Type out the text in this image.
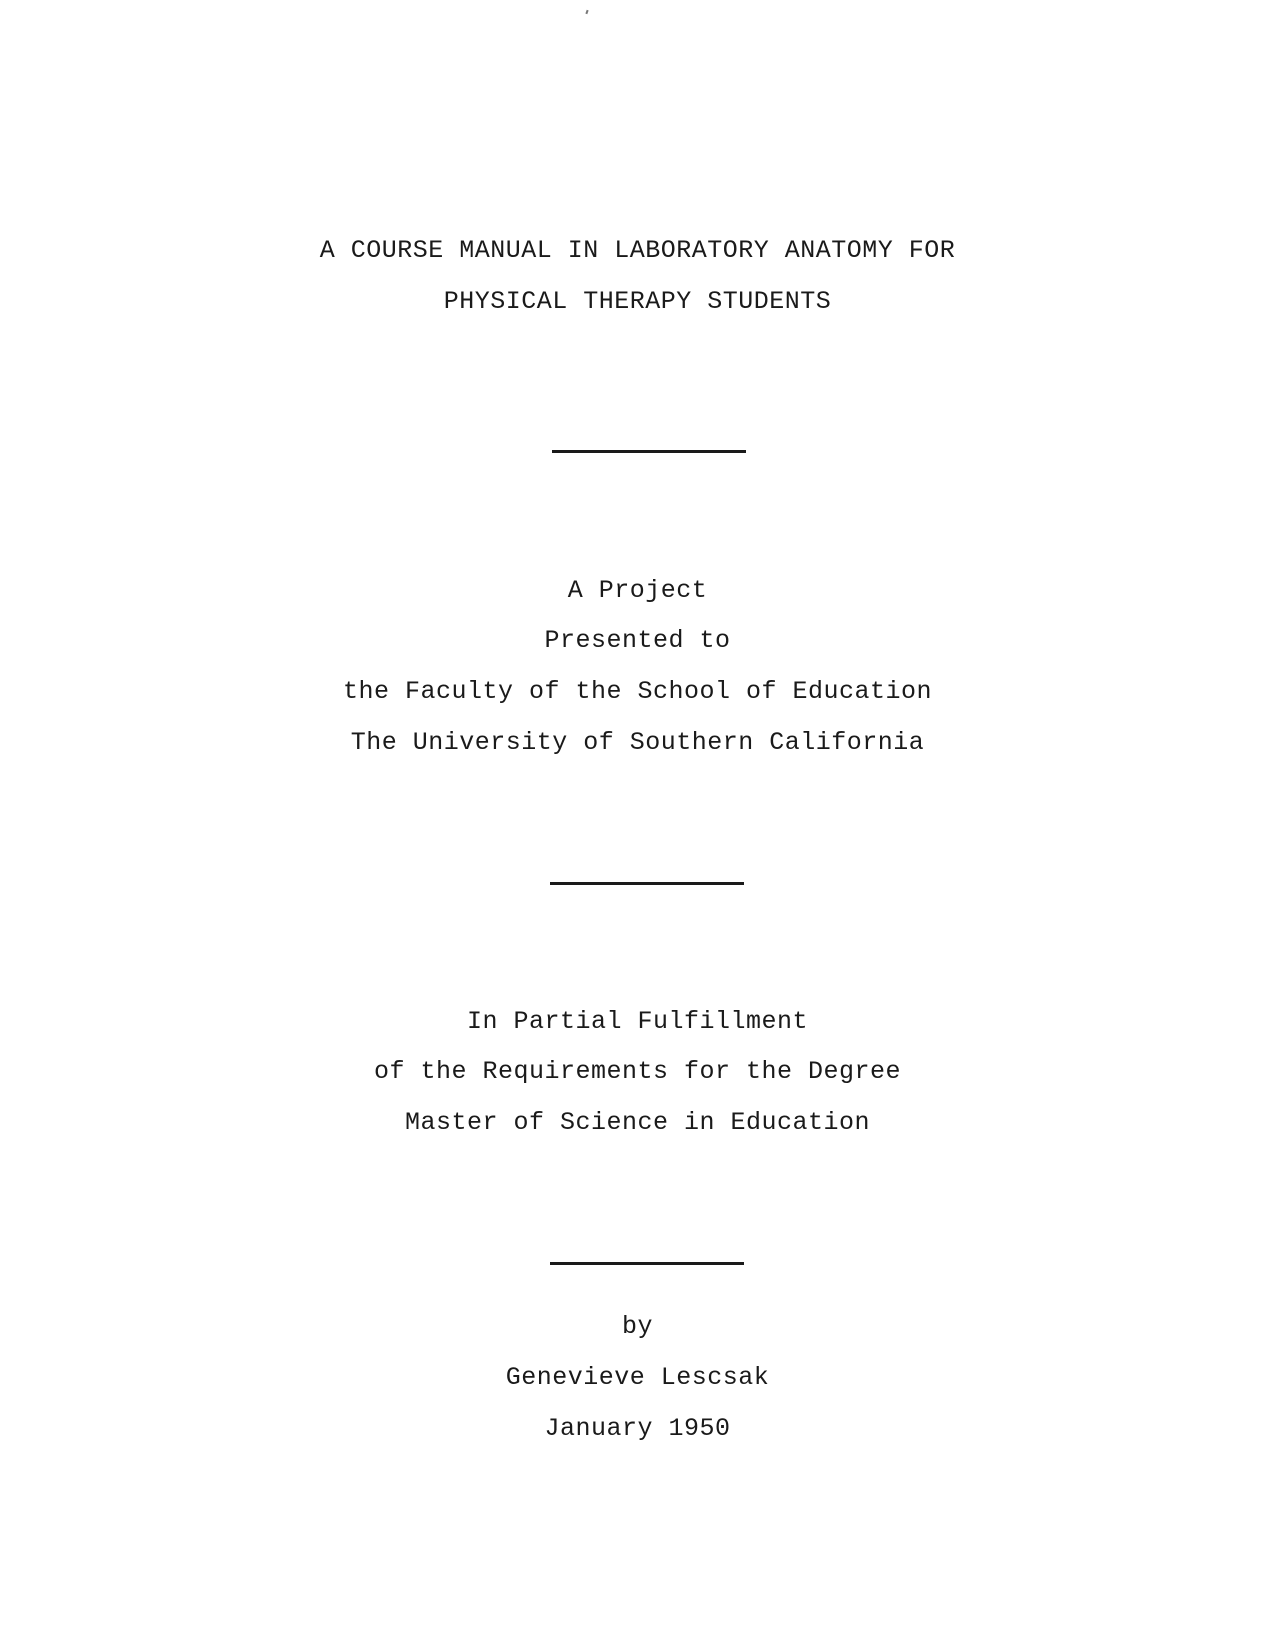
A COURSE MANUAL IN LABORATORY ANATOMY FOR
PHYSICAL THERAPY STUDENTS
A Project
Presented to
the Faculty of the School of Education
The University of Southern California
In Partial Fulfillment
of the Requirements for the Degree
Master of Science in Education
by
Genevieve Lescsak
January 1950
